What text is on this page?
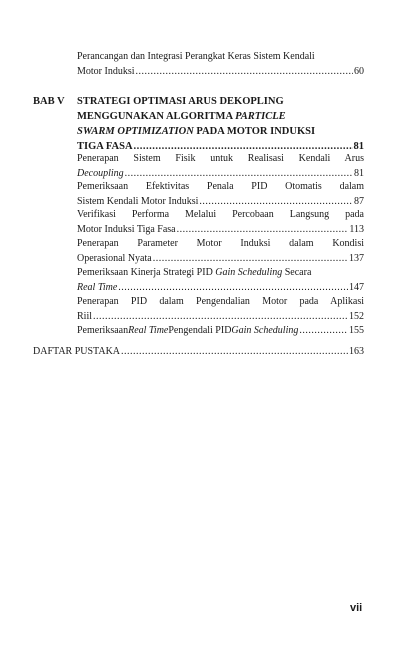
Perancangan dan Integrasi Perangkat Keras Sistem Kendali
Motor Induksi .....	60
BAB V STRATEGI OPTIMASI ARUS DEKOPLING
MENGGUNAKAN ALGORITMA PARTICLE
SWARM OPTIMIZATION PADA MOTOR INDUKSI
TIGA FASA .....	81
Penerapan Sistem Fisik untuk Realisasi Kendali Arus
Decoupling .....	81
Pemeriksaan Efektivitas Penala PID Otomatis dalam
Sistem Kendali Motor Induksi .....	87
Verifikasi Performa Melalui Percobaan Langsung pada
Motor Induksi Tiga Fasa .....	113
Penerapan Parameter Motor Induksi dalam Kondisi
Operasional Nyata .....	137
Pemeriksaan Kinerja Strategi PID Gain Scheduling Secara
Real Time .....	147
Penerapan PID dalam Pengendalian Motor pada Aplikasi
Riil .....	152
Pemeriksaan Real Time Pengendali PID Gain Scheduling .....	155
DAFTAR PUSTAKA .....	163
vii
